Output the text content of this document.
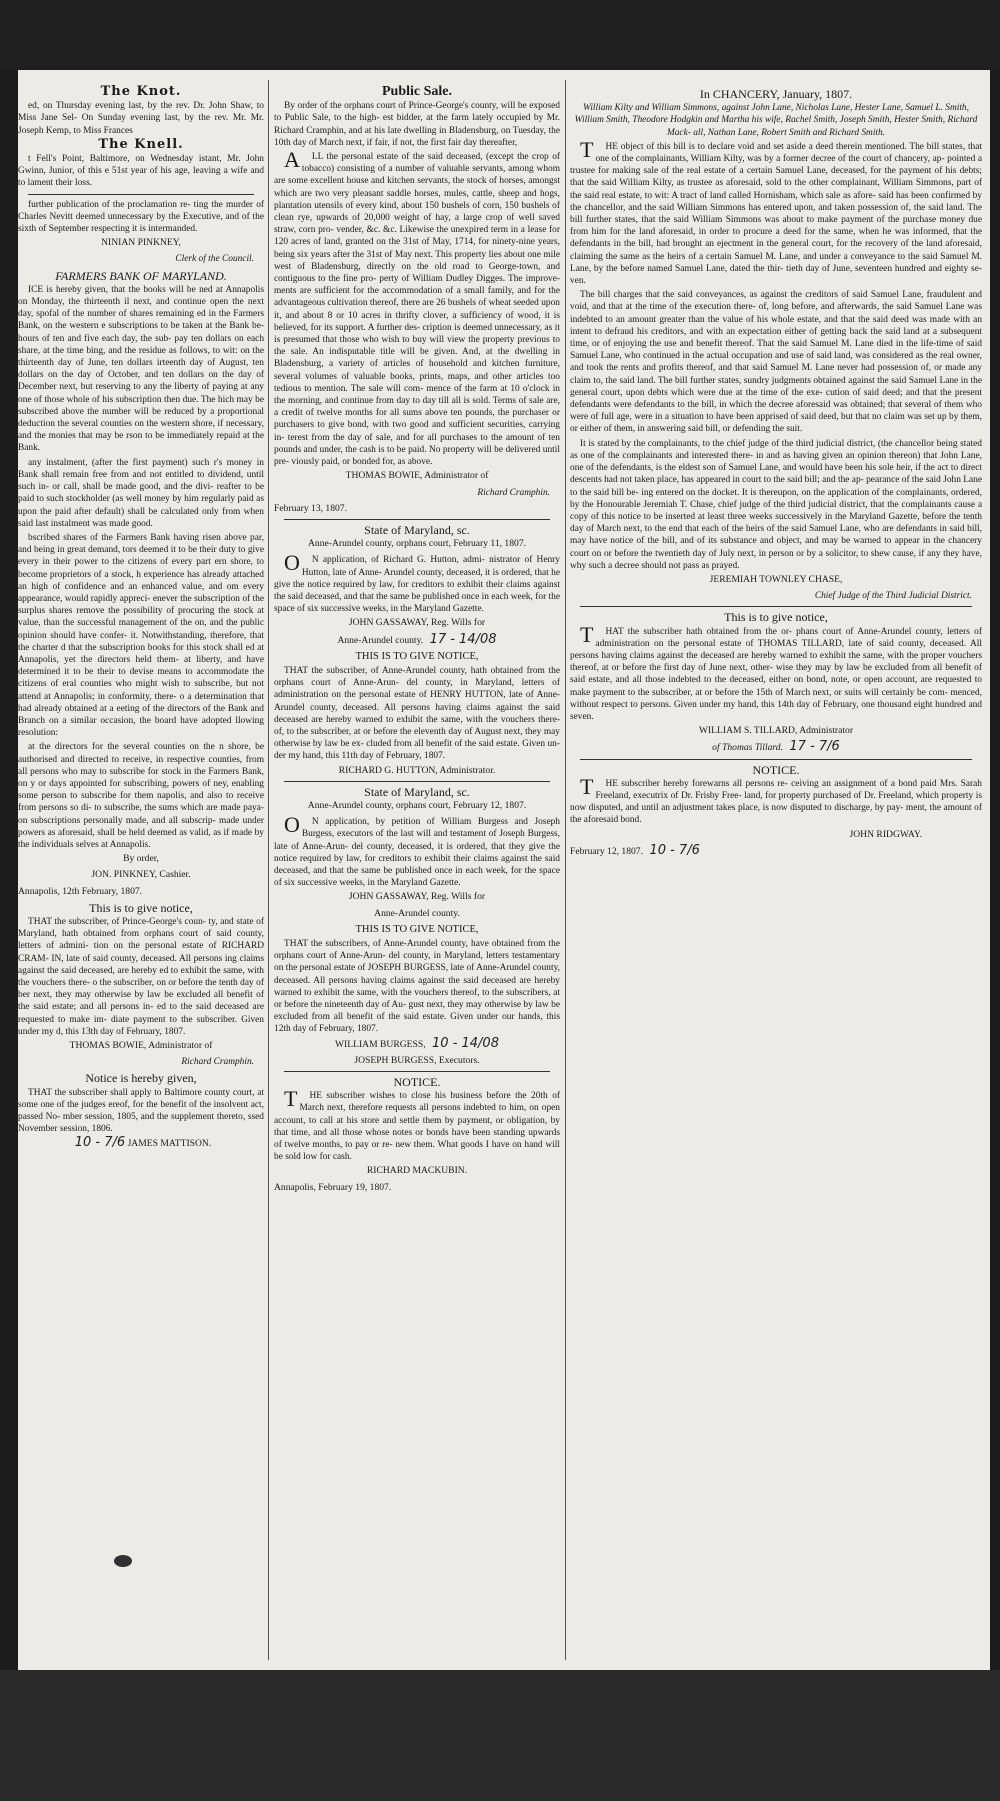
The Knot.

ed, on Thursday evening last, by the rev. Dr. John Shaw, to Miss Jane Sel- On Sunday evening last, by the rev. Mr. Mr. Joseph Kemp, to Miss Frances

The Knell.

t Fell's Point, Baltimore, on Wednesday istant, Mr. John Gwinn, Junior, of this e 51st year of his age, leaving a wife and to lament their loss.

further publication of the proclamation re- ting the murder of Charles Nevitt deemed unnecessary by the Executive, and of the sixth of September respecting it is intermanded.

NINIAN PINKNEY,
Clerk of the Council.
FARMERS BANK OF MARYLAND.

ICE is hereby given, that the books will be ned at Annapolis on Monday, the thirteenth il next, and continue open the next day, spofal of the number of shares remaining ed in the Farmers Bank, on the western e subscriptions to be taken at the Bank be- hours of ten and five each day, the sub- pay ten dollars on each share, at the time bing, and the residue as follows, to wit: on the thirteenth day of June, ten dollars irteenth day of August, ten dollars on the day of October, and ten dollars on the day of December next, but reserving to any the liberty of paying at any one of those whole of his subscription then due. The hich may be subscribed above the number will be reduced by a proportional deduction the several counties on the western shore, if necessary, and the monies that may be rson to be immediately repaid at the Bank.

any instalment, (after the first payment) such r's money in Bank shall remain free from and not entitled to dividend, until such in- or call, shall be made good, and the divi- reafter to be paid to such stockholder (as well money by him regularly paid as upon the paid after default) shall be calculated only from when said last instalment was made good.

bscribed shares of the Farmers Bank having risen above par, and being in great demand, tors deemed it to be their duty to give every in their power to the citizens of every part ern shore, to become proprietors of a stock, h experience has already attached an high of confidence and an enhanced value, and om every appearance, would rapidly appreci- enever the subscription of the surplus shares remove the possibility of procuring the stock at value, than the successful management of the on, and the public opinion should have confer- it. Notwithstanding, therefore, that the charter d that the subscription books for this stock shall ed at Annapolis, yet the directors held them- at liberty, and have determined it to be their to devise means to accommodate the citizens of eral counties who might wish to subscribe, but not attend at Annapolis; in conformity, there- o a determination that had already obtained at a eeting of the directors of the Bank and Branch on a similar occasion, the board have adopted llowing resolution:

at the directors for the several counties on the n shore, be authorised and directed to receive, in respective counties, from all persons who may to subscribe for stock in the Farmers Bank, on y or days appointed for subscribing, powers of ney, enabling some person to subscribe for them napolis, and also to receive from persons so di- to subscribe, the sums which are made paya- on subscriptions personally made, and all subscrip- made under powers as aforesaid, shall be held deemed as valid, as if made by the individuals selves at Annapolis.

By order,
JON. PINKNEY, Cashier.
Annapolis, 12th February, 1807.
This is to give notice,

THAT the subscriber, of Prince-George's coun- ty, and state of Maryland, hath obtained from orphans court of said county, letters of admini- tion on the personal estate of RICHARD CRAM- IN, late of said county, deceased. All persons ing claims against the said deceased, are hereby ed to exhibit the same, with the vouchers there- o the subscriber, on or before the tenth day of ber next, they may otherwise by law be excluded all benefit of the said estate; and all persons in- ed to the said deceased are requested to make im- diate payment to the subscriber. Given under my d, this 13th day of February, 1807.

THOMAS BOWIE, Administrator of
Richard Cramphin.
Notice is hereby given,

THAT the subscriber shall apply to Baltimore county court, at some one of the judges ereof, for the benefit of the insolvent act, passed No- mber session, 1805, and the supplement thereto, ssed November session, 1806.

10 - 7/6 JAMES MATTISON.
Public Sale.

By order of the orphans court of Prince-George's county, will be exposed to Public Sale, to the high- est bidder, at the farm lately occupied by Mr. Richard Cramphin, and at his late dwelling in Bladensburg, on Tuesday, the 10th day of March next, if fair, if not, the first fair day thereafter,

ALL the personal estate of the said deceased, (except the crop of tobacco) consisting of a number of valuable servants, among whom are some excellent house and kitchen servants, the stock of horses, amongst which are two very pleasant saddle horses, mules, cattle, sheep and hogs, plantation utensils of every kind, about 150 bushels of corn, 150 bushels of clean rye, upwards of 20,000 weight of hay, a large crop of well saved straw, corn pro- vender, &c. &c. Likewise the unexpired term in a lease for 120 acres of land, granted on the 31st of May, 1714, for ninety-nine years, being six years after the 31st of May next. This property lies about one mile west of Bladensburg, directly on the old road to George-town, and contiguous to the fine pro- perty of William Dudley Digges. The improve- ments are sufficient for the accommodation of a small family, and for the advantageous cultivation thereof, there are 26 bushels of wheat seeded upon it, and about 8 or 10 acres in thrifty clover, a sufficiency of wood, it is believed, for its support. A further des- cription is deemed unnecessary, as it is presumed that those who wish to buy will view the property previous to the sale. An indisputable title will be given. And, at the dwelling in Bladensburg, a variety of articles of household and kitchen furniture, several volumes of valuable books, prints, maps, and other articles too tedious to mention. The sale will com- mence of the farm at 10 o'clock in the morning, and continue from day to day till all is sold. Terms of sale are, a credit of twelve months for all sums above ten pounds, the purchaser or purchasers to give bond, with two good and sufficient securities, carrying in- terest from the day of sale, and for all purchases to the amount of ten pounds and under, the cash is to be paid. No property will be delivered until pre- viously paid, or bonded for, as above.

THOMAS BOWIE, Administrator of
Richard Cramphin.
February 13, 1807.
State of Maryland, sc.
Anne-Arundel county, orphans court, February 11, 1807.

ON application, of Richard G. Hutton, admi- nistrator of Henry Hutton, late of Anne- Arundel county, deceased, it is ordered, that he give the notice required by law, for creditors to exhibit their claims against the said deceased, and that the same be published once in each week, for the space of six successive weeks, in the Maryland Gazette.

JOHN GASSAWAY, Reg. Wills for
Anne-Arundel county. 17 - 14/08
THIS IS TO GIVE NOTICE,

THAT the subscriber, of Anne-Arundel county, hath obtained from the orphans court of Anne-Arun- del county, in Maryland, letters of administration on the personal estate of HENRY HUTTON, late of Anne-Arundel county, deceased. All persons having claims against the said deceased are hereby warned to exhibit the same, with the vouchers there- of, to the subscriber, at or before the eleventh day of August next, they may otherwise by law be ex- cluded from all benefit of the said estate. Given un- der my hand, this 11th day of February, 1807.

RICHARD G. HUTTON, Administrator.
State of Maryland, sc.
Anne-Arundel county, orphans court, February 12, 1807.

ON application, by petition of William Burgess and Joseph Burgess, executors of the last will and testament of Joseph Burgess, late of Anne-Arun- del county, deceased, it is ordered, that they give the notice required by law, for creditors to exhibit their claims against the said deceased, and that the same be published once in each week, for the space of six successive weeks, in the Maryland Gazette.

JOHN GASSAWAY, Reg. Wills for
Anne-Arundel county.
THIS IS TO GIVE NOTICE,

THAT the subscribers, of Anne-Arundel county, have obtained from the orphans court of Anne-Arun- del county, in Maryland, letters testamentary on the personal estate of JOSEPH BURGESS, late of Anne-Arundel county, deceased. All persons having claims against the said deceased are hereby warned to exhibit the same, with the vouchers thereof, to the subscribers, at or before the nineteenth day of Au- gust next, they may otherwise by law be excluded from all benefit of the said estate. Given under our hands, this 12th day of February, 1807.

WILLIAM BURGESS, 10 - 14/08
JOSEPH BURGESS, Executors.
NOTICE.

THE subscriber wishes to close his business before the 20th of March next, therefore requests all persons indebted to him, on open account, to call at his store and settle them by payment, or obligation, by that time, and all those whose notes or bonds have been standing upwards of twelve months, to pay or re- new them. What goods I have on hand will be sold low for cash.

RICHARD MACKUBIN.
Annapolis, February 19, 1807.
In CHANCERY, January, 1807.

William Kilty and William Simmons, against John Lane, Nicholas Lane, Hester Lane, Samuel L. Smith, William Smith, Theodore Hodgkin and Martha his wife, Rachel Smith, Joseph Smith, Hester Smith, Richard Mack- all, Nathan Lane, Robert Smith and Richard Smith.

THE object of this bill is to declare void and set aside a deed therein mentioned. The bill states, that one of the complainants, William Kilty, was by a former decree of the court of chancery, ap- pointed a trustee for making sale of the real estate of a certain Samuel Lane, deceased, for the payment of his debts; that the said William Kilty, as trustee as aforesaid, sold to the other complainant, William Simmons, part of the said real estate, to wit: A tract of land called Hornisham, which sale as afore- said has been confirmed by the chancellor, and the said William Simmons has entered upon, and taken possession of, the said land. The bill further states, that the said William Simmons was about to make payment of the purchase money due from him for the land aforesaid, in order to procure a deed for the same, when he was informed, that the defendants in the bill, had brought an ejectment in the general court, for the recovery of the land aforesaid, claiming the same as the heirs of a certain Samuel M. Lane, and under a conveyance to the said Samuel M. Lane, by the before named Samuel Lane, dated the thir- tieth day of June, seventeen hundred and eighty se- ven.

The bill charges that the said conveyances, as against the creditors of said Samuel Lane, fraudulent and void, and that at the time of the execution there- of, long before, and afterwards, the said Samuel Lane was indebted to an amount greater than the value of his whole estate, and that the said deed was made with an intent to defraud his creditors, and with an expectation either of getting back the said land at a subsequent time, or of enjoying the use and benefit thereof. That the said Samuel M. Lane died in the life-time of said Samuel Lane, who continued in the actual occupation and use of said land, was considered as the real owner, and took the rents and profits thereof, and that said Samuel M. Lane never had possession of, or made any claim to, the said land. The bill further states, sundry judgments obtained against the said Samuel Lane in the general court, upon debts which were due at the time of the exe- cution of said deed; and that the present defendants were defendants to the bill, in which the decree aforesaid was obtained; that several of them who were of full age, were in a situation to have been apprised of said deed, but that no claim was set up by them, or either of them, in answering said bill, or defending the suit.

It is stated by the complainants, to the chief judge of the third judicial district, (the chancellor being stated as one of the complainants and interested there- in and as having given an opinion thereon) that John Lane, one of the defendants, is the eldest son of Samuel Lane, and would have been his sole heir, if the act to direct descents had not taken place, has appeared in court to the said bill; and the ap- pearance of the said John Lane to the said bill be- ing entered on the docket. It is thereupon, on the application of the complainants, ordered, by the Honourable Jeremiah T. Chase, chief judge of the third judicial district, that the complainants cause a copy of this notice to be inserted at least three weeks successively in the Maryland Gazette, before the tenth day of March next, to the end that each of the heirs of the said Samuel Lane, who are defendants in said bill, may have notice of the bill, and of its substance and object, and may be warned to appear in the chancery court on or before the twentieth day of July next, in person or by a solicitor, to shew cause, if any they have, why such a decree should not pass as prayed.

JEREMIAH TOWNLEY CHASE,
Chief Judge of the Third Judicial District.
This is to give notice,

THAT the subscriber hath obtained from the or- phans court of Anne-Arundel county, letters of administration on the personal estate of THOMAS TILLARD, late of said county, deceased. All persons having claims against the deceased are hereby warned to exhibit the same, with the proper vouchers thereof, at or before the first day of June next, other- wise they may by law be excluded from all benefit of said estate, and all those indebted to the deceased, either on bond, note, or open account, are requested to make payment to the subscriber, at or before the 15th of March next, or suits will certainly be com- menced, without respect to persons. Given under my hand, this 14th day of February, one thousand eight hundred and seven.

WILLIAM S. TILLARD, Administrator
of Thomas Tillard. 17 - 7/6
NOTICE.

THE subscriber hereby forewarns all persons re- ceiving an assignment of a bond paid Mrs. Sarah Freeland, executrix of Dr. Frisby Free- land, for property purchased of Dr. Freeland, which property is now disputed, and until an adjustment takes place, is now disputed to discharge, by pay- ment, the amount of the aforesaid bond.

JOHN RIDGWAY.
February 12, 1807. 10 - 7/6
